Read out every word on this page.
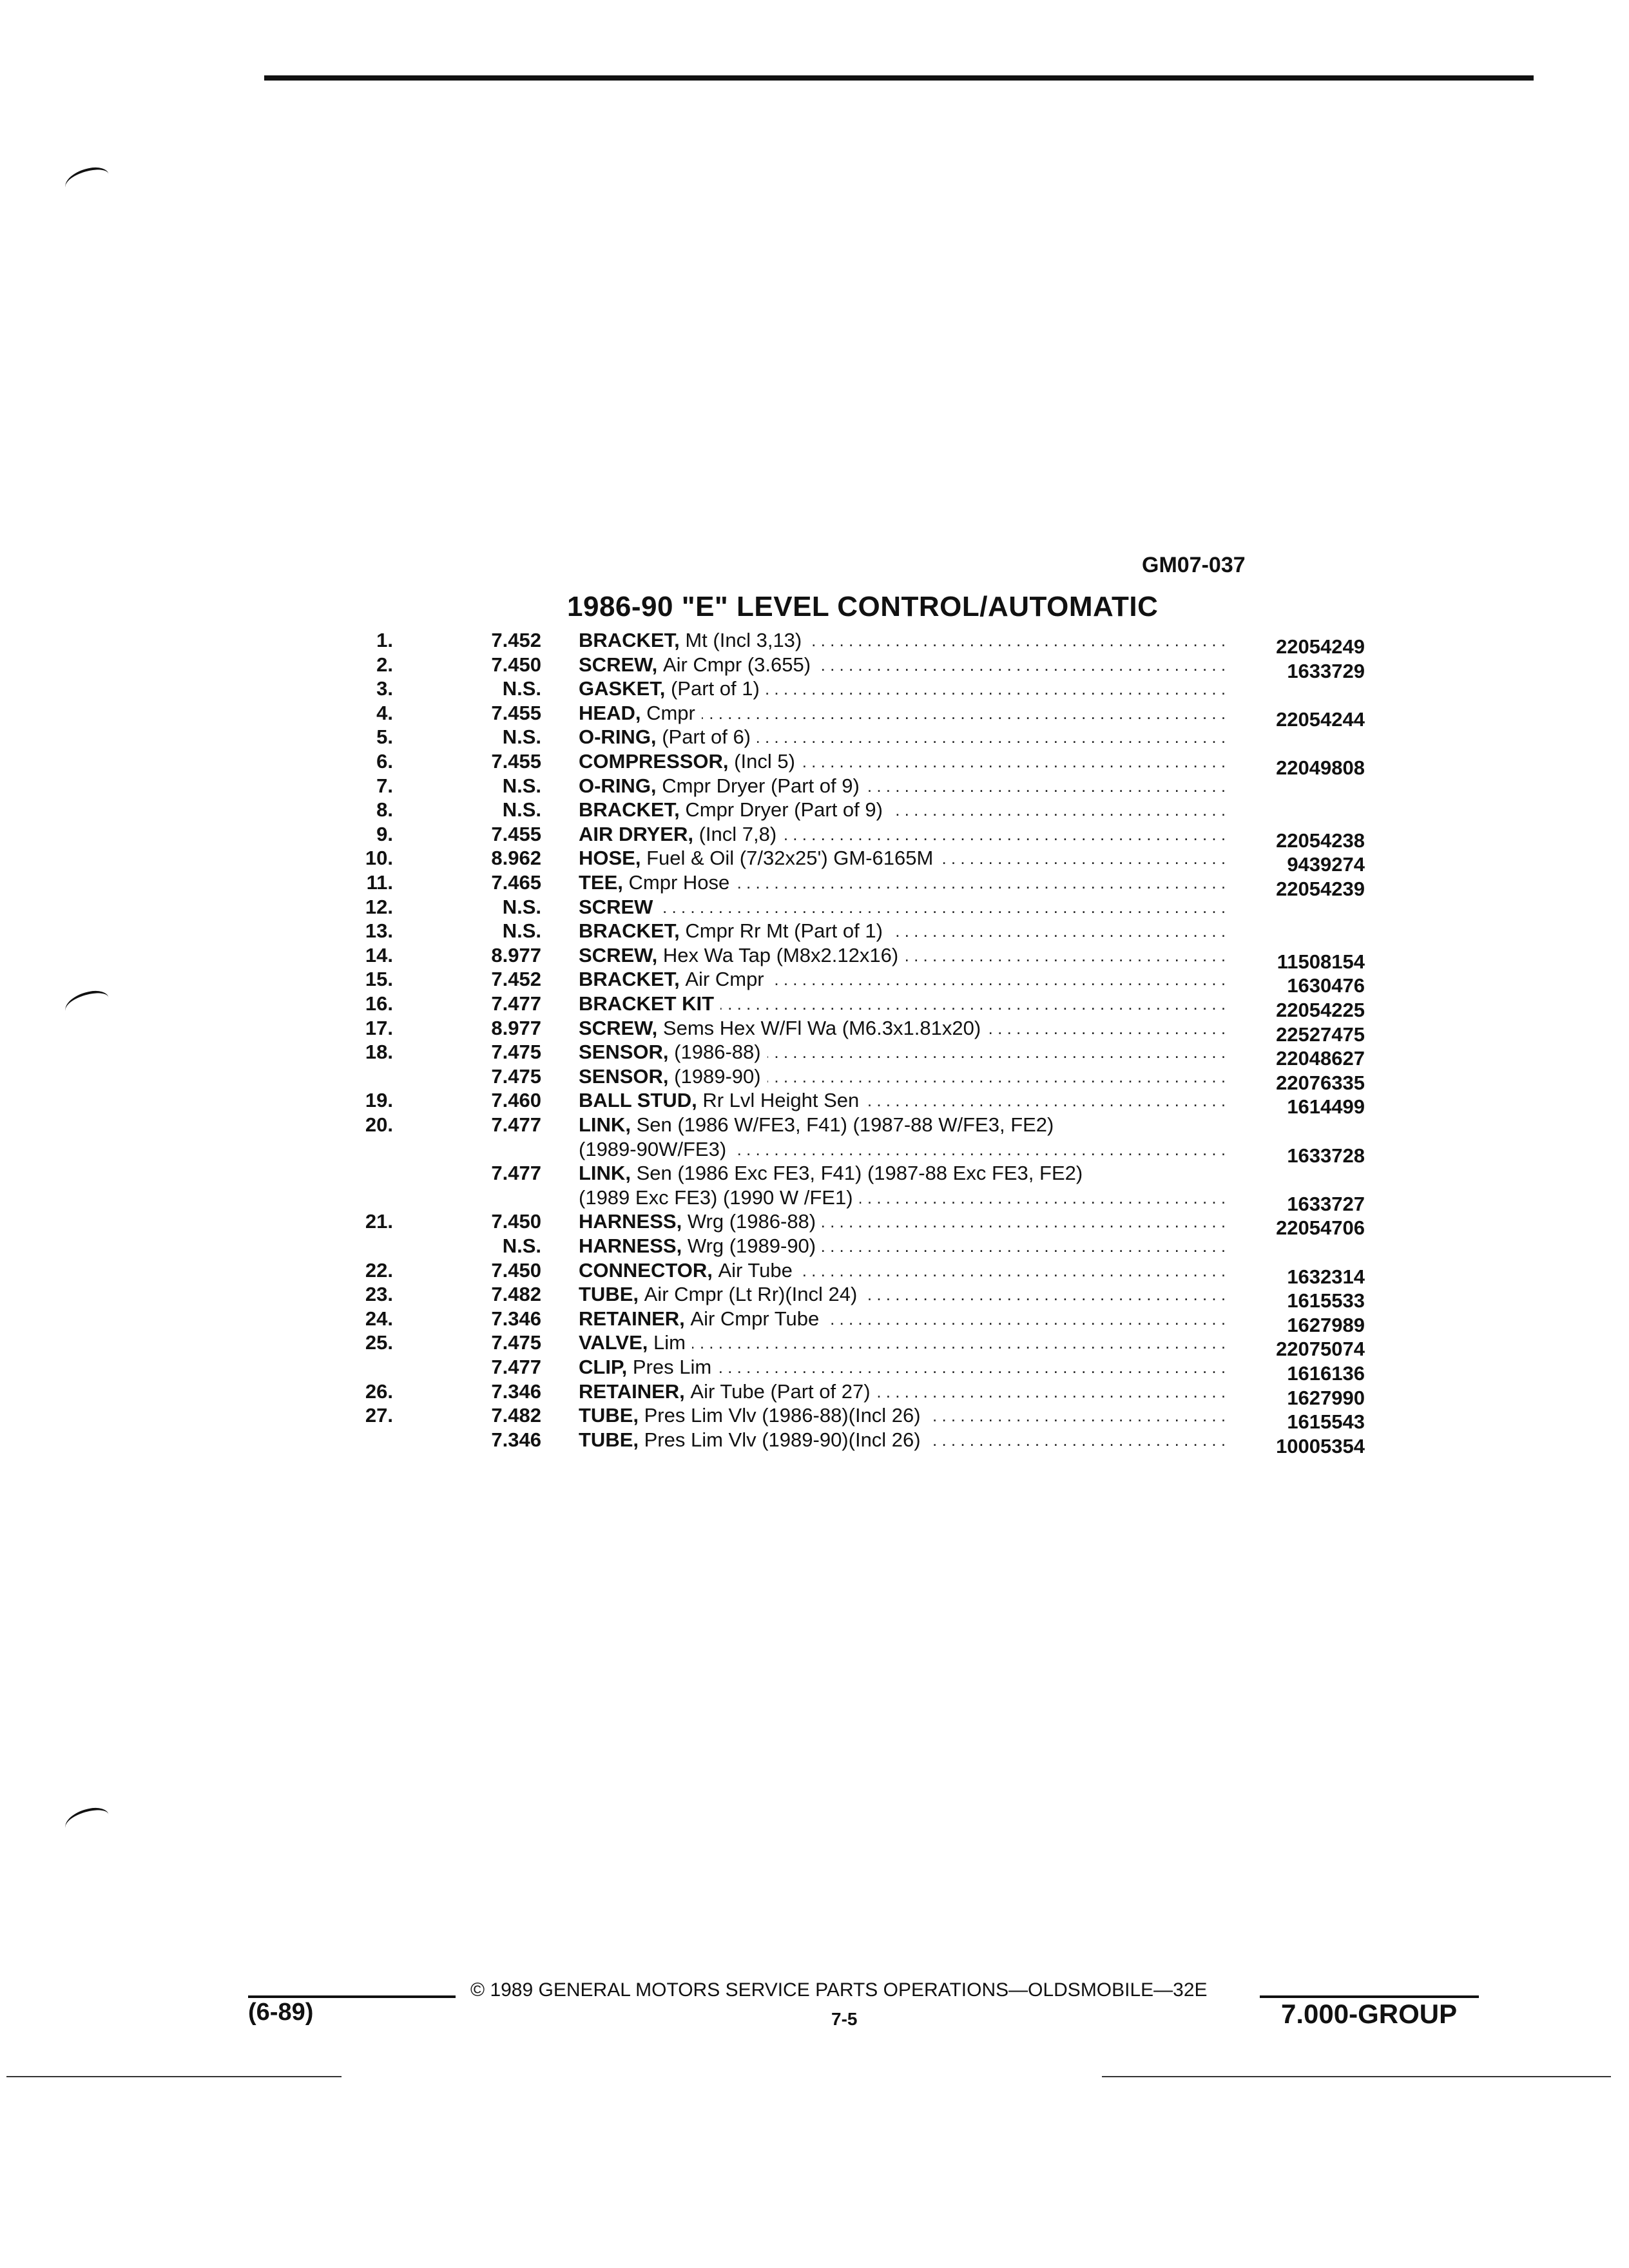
GM07-037
1986-90 "E" LEVEL CONTROL/AUTOMATIC
1.	7.452 BRACKET, Mt (Incl 3,13) . . .	22054249
2.	7.450 SCREW, Air Cmpr (3.655) . . .	1633729
3.	N.S. GASKET, (Part of 1) . . .
4.	7.455 HEAD, Cmpr . . .	22054244
5.	N.S. O-RING, (Part of 6) . . .
6.	7.455 COMPRESSOR, (Incl 5) . . .	22049808
7.	N.S. O-RING, Cmpr Dryer (Part of 9) . . .
8.	N.S. BRACKET, Cmpr Dryer (Part of 9) . . .
9.	7.455 AIR DRYER, (Incl 7,8) . . .	22054238
10.	8.962 HOSE, Fuel & Oil (7/32x25') GM-6165M . . .	9439274
11.	7.465 TEE, Cmpr Hose . . .	22054239
12.	N.S. SCREW . . .
13.	N.S. BRACKET, Cmpr Rr Mt (Part of 1) . . .
14.	8.977 SCREW, Hex Wa Tap (M8x2.12x16) . . .	11508154
15.	7.452 BRACKET, Air Cmpr . . .	1630476
16.	7.477 BRACKET KIT . . .	22054225
17.	8.977 SCREW, Sems Hex W/Fl Wa (M6.3x1.81x20) . . .	22527475
18.	7.475 SENSOR, (1986-88) . . .	22048627
7.475 SENSOR, (1989-90) . . .	22076335
19.	7.460 BALL STUD, Rr Lvl Height Sen . . .	1614499
20.	7.477 LINK, Sen (1986 W/FE3, F41) (1987-88 W/FE3, FE2)
(1989-90W/FE3) . . .	1633728
7.477 LINK, Sen (1986 Exc FE3, F41) (1987-88 Exc FE3, FE2)
(1989 Exc FE3) (1990 W /FE1) . . .	1633727
21.	7.450 HARNESS, Wrg (1986-88) . . .	22054706
N.S. HARNESS, Wrg (1989-90) . . .
22.	7.450 CONNECTOR, Air Tube . . .	1632314
23.	7.482 TUBE, Air Cmpr (Lt Rr)(Incl 24) . . .	1615533
24.	7.346 RETAINER, Air Cmpr Tube . . .	1627989
25.	7.475 VALVE, Lim . . .	22075074
7.477 CLIP, Pres Lim . . .	1616136
26.	7.346 RETAINER, Air Tube (Part of 27) . . .	1627990
27.	7.482 TUBE, Pres Lim Vlv (1986-88)(Incl 26) . . .	1615543
7.346 TUBE, Pres Lim Vlv (1989-90)(Incl 26) . . .	10005354
© 1989 GENERAL MOTORS SERVICE PARTS OPERATIONS—OLDSMOBILE—32E
(6-89)	7-5	7.000-GROUP
